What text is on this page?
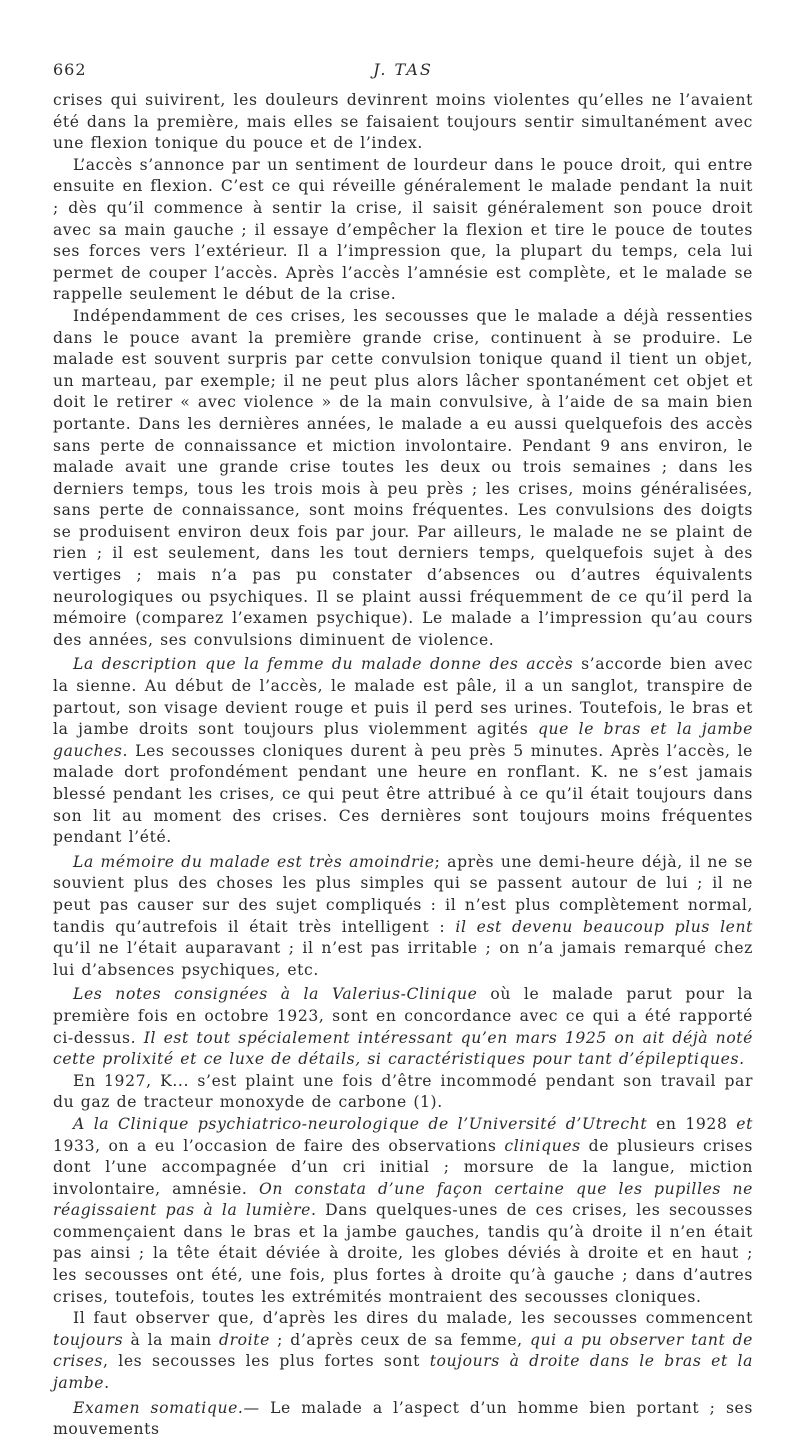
662	J. TAS

crises qui suivirent, les douleurs devinrent moins violentes qu’elles ne l’avaient été dans la première, mais elles se faisaient toujours sentir simultanément avec une flexion tonique du pouce et de l’index.

L’accès s’annonce par un sentiment de lourdeur dans le pouce droit, qui entre ensuite en flexion. C’est ce qui réveille généralement le malade pendant la nuit ; dès qu’il commence à sentir la crise, il saisit généralement son pouce droit avec sa main gauche ; il essaye d’empêcher la flexion et tire le pouce de toutes ses forces vers l’extérieur. Il a l’impression que, la plupart du temps, cela lui permet de couper l’accès. Après l’accès l’amnésie est complète, et le malade se rappelle seulement le début de la crise.

Indépendamment de ces crises, les secousses que le malade a déjà ressenties dans le pouce avant la première grande crise, continuent à se produire. Le malade est souvent surpris par cette convulsion tonique quand il tient un objet, un marteau, par exemple; il ne peut plus alors lâcher spontanément cet objet et doit le retirer « avec violence » de la main convulsive, à l’aide de sa main bien portante. Dans les dernières années, le malade a eu aussi quelquefois des accès sans perte de connaissance et miction involontaire. Pendant 9 ans environ, le malade avait une grande crise toutes les deux ou trois semaines ; dans les derniers temps, tous les trois mois à peu près ; les crises, moins généralisées, sans perte de connaissance, sont moins fréquentes. Les convulsions des doigts se produisent environ deux fois par jour. Par ailleurs, le malade ne se plaint de rien ; il est seulement, dans les tout derniers temps, quelquefois sujet à des vertiges ; mais n’a pas pu constater d’absences ou d’autres équivalents neurologiques ou psychiques. Il se plaint aussi fréquemment de ce qu’il perd la mémoire (comparez l’examen psychique). Le malade a l’impression qu’au cours des années, ses convulsions diminuent de violence.

La description que la femme du malade donne des accès s’accorde bien avec la sienne. Au début de l’accès, le malade est pâle, il a un sanglot, transpire de partout, son visage devient rouge et puis il perd ses urines. Toutefois, le bras et la jambe droits sont toujours plus violemment agités que le bras et la jambe gauches. Les secousses cloniques durent à peu près 5 minutes. Après l’accès, le malade dort profondément pendant une heure en ronflant. K. ne s’est jamais blessé pendant les crises, ce qui peut être attribué à ce qu’il était toujours dans son lit au moment des crises. Ces dernières sont toujours moins fréquentes pendant l’été.

La mémoire du malade est très amoindrie; après une demi-heure déjà, il ne se souvient plus des choses les plus simples qui se passent autour de lui ; il ne peut pas causer sur des sujet compliqués : il n’est plus complètement normal, tandis qu’autrefois il était très intelligent : il est devenu beaucoup plus lent qu’il ne l’était auparavant ; il n’est pas irritable ; on n’a jamais remarqué chez lui d’absences psychiques, etc.

Les notes consignées à la Valerius-Clinique où le malade parut pour la première fois en octobre 1923, sont en concordance avec ce qui a été rapporté ci-dessus. Il est tout spécialement intéressant qu’en mars 1925 on ait déjà noté cette prolixité et ce luxe de détails, si caractéristiques pour tant d’épileptiques.

En 1927, K... s’est plaint une fois d’être incommodé pendant son travail par du gaz de tracteur monoxyde de carbone (1).

A la Clinique psychiatrico-neurologique de l’Université d’Utrecht en 1928 et 1933, on a eu l’occasion de faire des observations cliniques de plusieurs crises dont l’une accompagnée d’un cri initial ; morsure de la langue, miction involontaire, amnésie. On constata d’une façon certaine que les pupilles ne réagissaient pas à la lumière. Dans quelques-unes de ces crises, les secousses commençaient dans le bras et la jambe gauches, tandis qu’à droite il n’en était pas ainsi ; la tête était déviée à droite, les globes déviés à droite et en haut ; les secousses ont été, une fois, plus fortes à droite qu’à gauche ; dans d’autres crises, toutefois, toutes les extrémités montraient des secousses cloniques.

Il faut observer que, d’après les dires du malade, les secousses commencent toujours à la main droite ; d’après ceux de sa femme, qui a pu observer tant de crises, les secousses les plus fortes sont toujours à droite dans le bras et la jambe.

Examen somatique.— Le malade a l’aspect d’un homme bien portant ; ses mouvements
